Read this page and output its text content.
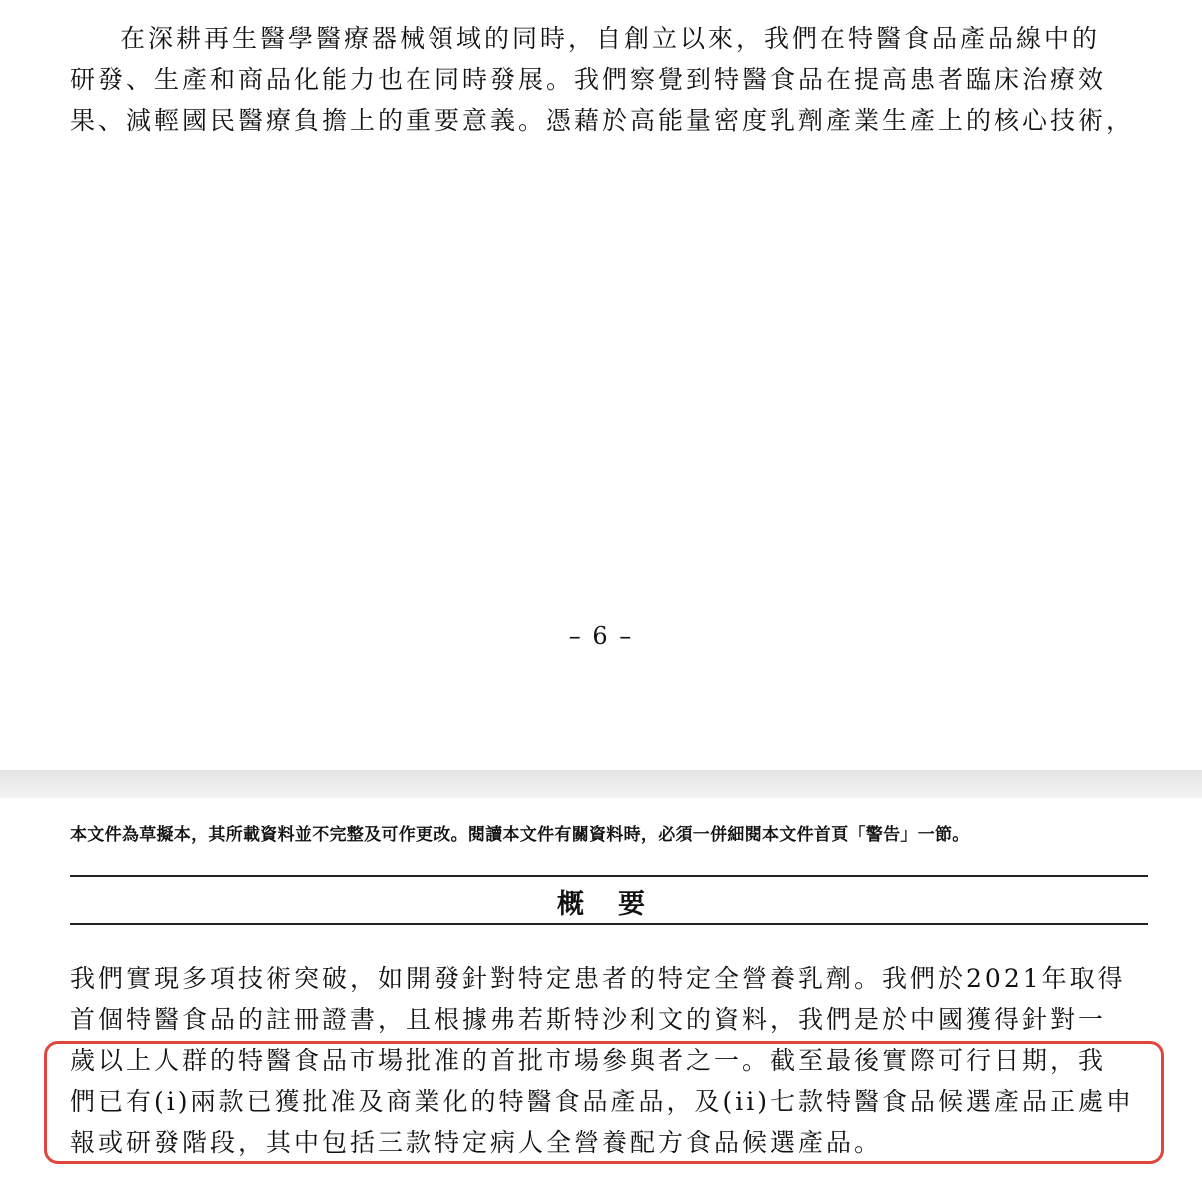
在深耕再生醫學醫療器械領域的同時，自創立以來，我們在特醫食品產品線中的
研發、生產和商品化能力也在同時發展。我們察覺到特醫食品在提高患者臨床治療效
果、減輕國民醫療負擔上的重要意義。憑藉於高能量密度乳劑產業生產上的核心技術，

– 6 –
本文件為草擬本，其所載資料並不完整及可作更改。閱讀本文件有關資料時，必須一併細閱本文件首頁「警告」一節。
概要

我們實現多項技術突破，如開發針對特定患者的特定全營養乳劑。我們於2021年取得
首個特醫食品的註冊證書，且根據弗若斯特沙利文的資料，我們是於中國獲得針對一
歲以上人群的特醫食品市場批准的首批市場參與者之一。截至最後實際可行日期，我
們已有(i)兩款已獲批准及商業化的特醫食品產品，及(ii)七款特醫食品候選產品正處申
報或研發階段，其中包括三款特定病人全營養配方食品候選產品。
